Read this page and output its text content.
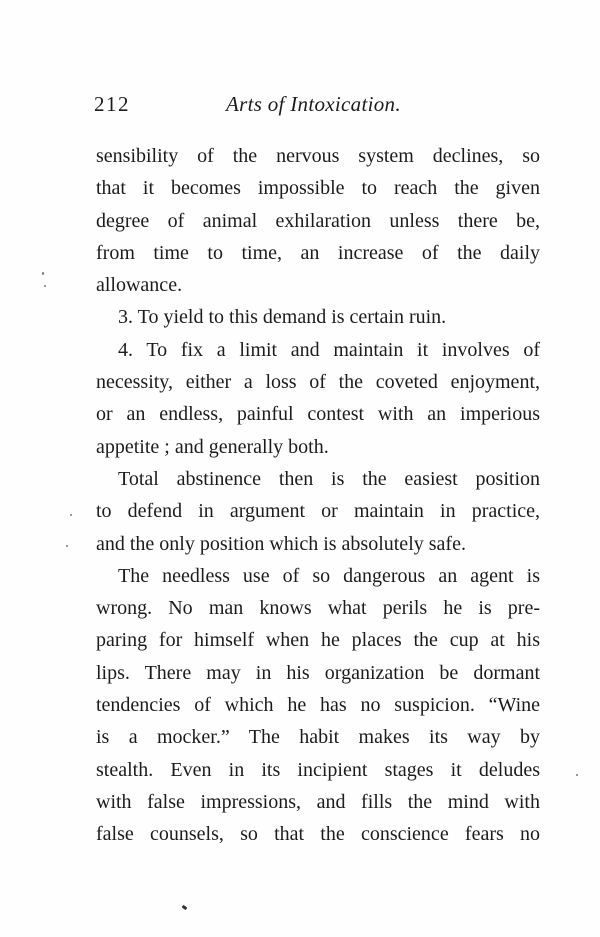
212	Arts of Intoxication.
sensibility of the nervous system declines, so
that it becomes impossible to reach the given
degree of animal exhilaration unless there be,
from time to time, an increase of the daily
allowance.
3. To yield to this demand is certain ruin.
4. To fix a limit and maintain it involves of
necessity, either a loss of the coveted enjoyment,
or an endless, painful contest with an imperious
appetite ; and generally both.
Total abstinence then is the easiest position
to defend in argument or maintain in practice,
and the only position which is absolutely safe.
The needless use of so dangerous an agent is
wrong. No man knows what perils he is pre-
paring for himself when he places the cup at his
lips. There may in his organization be dormant
tendencies of which he has no suspicion. “Wine
is a mocker.” The habit makes its way by
stealth. Even in its incipient stages it deludes
with false impressions, and fills the mind with
false counsels, so that the conscience fears no
